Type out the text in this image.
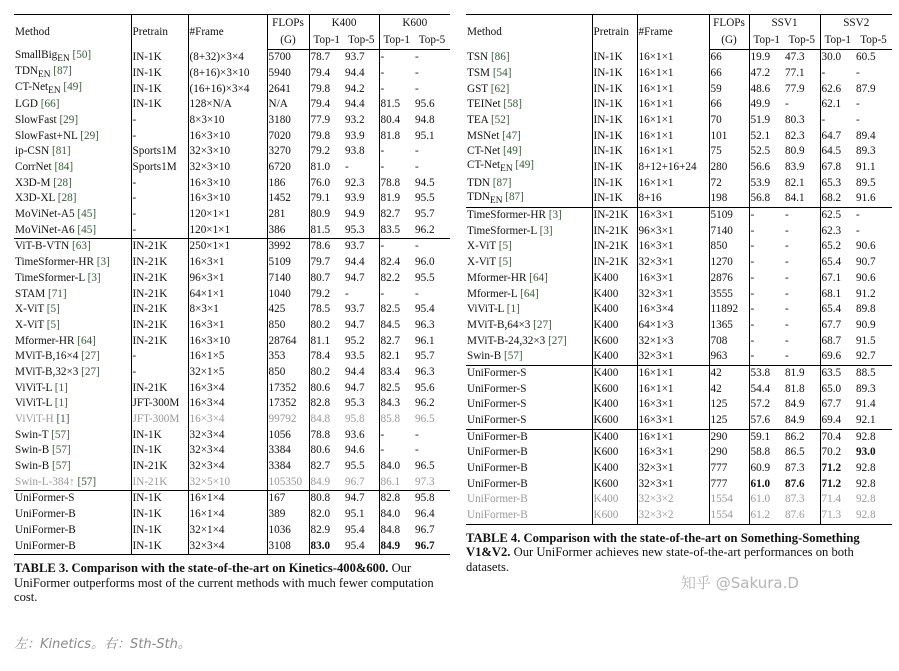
Method	Pretrain	#Frame	FLOPs	K400		K600	
			(G)	Top-1	Top-5	Top-1	Top-5
SmallBig$_{EN}$ [50]	IN-1K	(8+32)×3×4	5700	78.7	93.7	-	-
$TDN_{EN}$ [87]	IN-1K	(8+16)×3×10	5940	79.4	94.4	-	-
CT-Net$_{EN}$ [49]	IN-1K	(16+16)×3×4	2641	79.8	94.2	-	-
LGD [66]	IN-1K	128×N/A	N/A	79.4	94.4	81.5	95.6
SlowFast [29]	-	8×3×10	3180	77.9	93.2	80.4	94.8
SlowFast+NL [29]	-	16×3×10	7020	79.8	93.9	81.8	95.1
ip-CSN [81]	Sports1M	32×3×10	3270	79.2	93.8	-	-
CorrNet [84]	Sports1M	32×3×10	6720	81.0	-	-	-
X3D-M [28]	-	16×3×10	186	76.0	92.3	78.8	94.5
X3D-XL [28]	-	16×3×10	1452	79.1	93.9	81.9	95.5
MoViNet-A5 [45]	-	120×1×1	281	80.9	94.9	82.7	95.7
MoViNet-A6 [45]	-	120×1×1	386	81.5	95.3	83.5	96.2
ViT-B-VTN [63]	IN-21K	250×1×1	3992	78.6	93.7	-	-
TimeSformer-HR [3]	IN-21K	16×3×1	5109	79.7	94.4	82.4	96.0
TimeSformer-L [3]	IN-21K	96×3×1	7140	80.7	94.7	82.2	95.5
STAM [71]	IN-21K	64×1×1	1040	79.2	-	-	-
X-ViT [5]	IN-21K	8×3×1	425	78.5	93.7	82.5	95.4
X-ViT [5]	IN-21K	16×3×1	850	80.2	94.7	84.5	96.3
Mformer-HR [64]	IN-21K	16×3×10	28764	81.1	95.2	82.7	96.1
MViT-B,16×4 [27]	-	16×1×5	353	78.4	93.5	82.1	95.7
MViT-B,32×3 [27]	-	32×1×5	850	80.2	94.4	83.4	96.3
ViViT-L [1]	IN-21K	16×3×4	17352	80.6	94.7	82.5	95.6
ViViT-L [1]	JFT-300M	16×3×4	17352	82.8	95.3	84.3	96.2
ViViT-H [1]	JFT-300M	16×3×4	99792	84.8	95.8	85.8	96.5
Swin-T [57]	IN-1K	32×3×4	1056	78.8	93.6	-	-
Swin-B [57]	IN-1K	32×3×4	3384	80.6	94.6	-	-
Swin-B [57]	IN-21K	32×3×4	3384	82.7	95.5	84.0	96.5
Swin-L-384↑ [57]	IN-21K	32×5×10	105350	84.9	96.7	86.1	97.3
UniFormer-S	IN-1K	16×1×4	167	80.8	94.7	82.8	95.8
UniFormer-B	IN-1K	16×1×4	389	82.0	95.1	84.0	96.4
UniFormer-B	IN-1K	32×1×4	1036	82.9	95.4	84.8	96.7
UniFormer-B	IN-1K	32×3×4	3108	83.0	95.4	84.9	96.7
TABLE 3. Comparison with the state-of-the-art on Kinetics-400&600. Our UniFormer outperforms most of the current methods with much fewer computation cost.
Method	Pretrain	#Frame	FLOPs	SSV1		SSV2	
			(G)	Top-1	Top-5	Top-1	Top-5
TSN [86]	IN-1K	16×1×1	66	19.9	47.3	30.0	60.5
TSM [54]	IN-1K	16×1×1	66	47.2	77.1	-	-
GST [62]	IN-1K	16×1×1	59	48.6	77.9	62.6	87.9
TEINet [58]	IN-1K	16×1×1	66	49.9	-	62.1	-
TEA [52]	IN-1K	16×1×1	70	51.9	80.3	-	-
MSNet [47]	IN-1K	16×1×1	101	52.1	82.3	64.7	89.4
CT-Net [49]	IN-1K	16×1×1	75	52.5	80.9	64.5	89.3
CT-Net$_{EN}$ [49]	IN-1K	8+12+16+24	280	56.6	83.9	67.8	91.1
TDN [87]	IN-1K	16×1×1	72	53.9	82.1	65.3	89.5
$TDN_{EN}$ [87]	IN-1K	8+16	198	56.8	84.1	68.2	91.6
TimeSformer-HR [3]	IN-21K	16×3×1	5109	-	-	62.5	-
TimeSformer-L [3]	IN-21K	96×3×1	7140	-	-	62.3	-
X-ViT [5]	IN-21K	16×3×1	850	-	-	65.2	90.6
X-ViT [5]	IN-21K	32×3×1	1270	-	-	65.4	90.7
Mformer-HR [64]	K400	16×3×1	2876	-	-	67.1	90.6
Mformer-L [64]	K400	32×3×1	3555	-	-	68.1	91.2
ViViT-L [1]	K400	16×3×4	11892	-	-	65.4	89.8
MViT-B,64×3 [27]	K400	64×1×3	1365	-	-	67.7	90.9
MViT-B-24,32×3 [27]	K600	32×1×3	708	-	-	68.7	91.5
Swin-B [57]	K400	32×3×1	963	-	-	69.6	92.7
UniFormer-S	K400	16×1×1	42	53.8	81.9	63.5	88.5
UniFormer-S	K600	16×1×1	42	54.4	81.8	65.0	89.3
UniFormer-S	K400	16×3×1	125	57.2	84.9	67.7	91.4
UniFormer-S	K600	16×3×1	125	57.6	84.9	69.4	92.1
UniFormer-B	K400	16×1×1	290	59.1	86.2	70.4	92.8
UniFormer-B	K600	16×3×1	290	58.8	86.5	70.2	93.0
UniFormer-B	K400	32×3×1	777	60.9	87.3	71.2	92.8
UniFormer-B	K600	32×3×1	777	61.0	87.6	71.2	92.8
UniFormer-B	K400	32×3×2	1554	61.0	87.3	71.4	92.8
UniFormer-B	K600	32×3×2	1554	61.2	87.6	71.3	92.8
TABLE 4. Comparison with the state-of-the-art on Something-Something V1&V2. Our UniFormer achieves new state-of-the-art performances on both datasets.
知乎 @Sakura.D
左：Kinetics。右：Sth-Sth。
